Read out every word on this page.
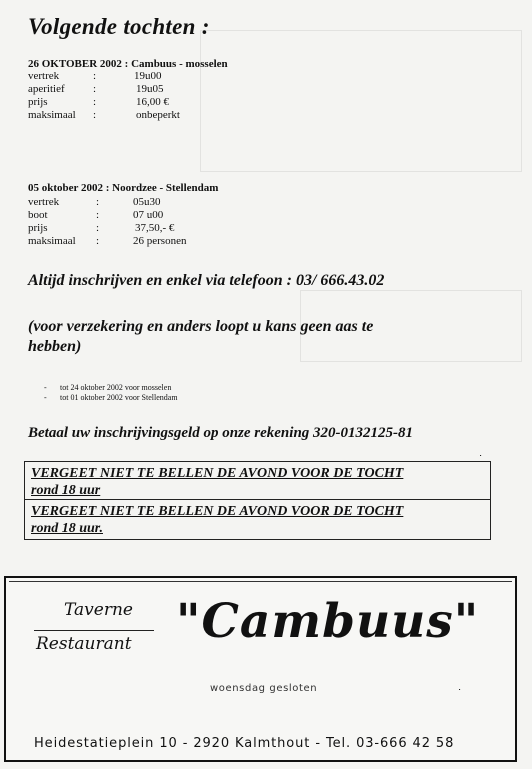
Volgende tochten :
26 OKTOBER 2002 : Cambuus - mosselen
vertrek	:	19u00
aperitief	:	19u05
prijs	:	16,00 €
maksimaal :	onbeperkt
05 oktober 2002 : Noordzee - Stellendam
vertrek	:	05u30
boot	:	07 u00
prijs	:	37,50,- €
maksimaal :	26 personen
Altijd inschrijven en enkel via telefoon : 03/ 666.43.02
(voor verzekering en anders loopt u kans geen aas te
hebben)
- tot 24 oktober 2002 voor mosselen
- tot 01 oktober 2002 voor Stellendam
Betaal uw inschrijvingsgeld op onze rekening 320-0132125-81
⋅
VERGEET NIET TE BELLEN DE AVOND VOOR DE TOCHT
rond 18 uur
VERGEET NIET TE BELLEN DE AVOND VOOR DE TOCHT
rond 18 uur.
Taverne
Restaurant "Cambuus"
woensdag gesloten	⋅
Heidestatieplein 10 - 2920 Kalmthout - Tel. 03-666 42 58
